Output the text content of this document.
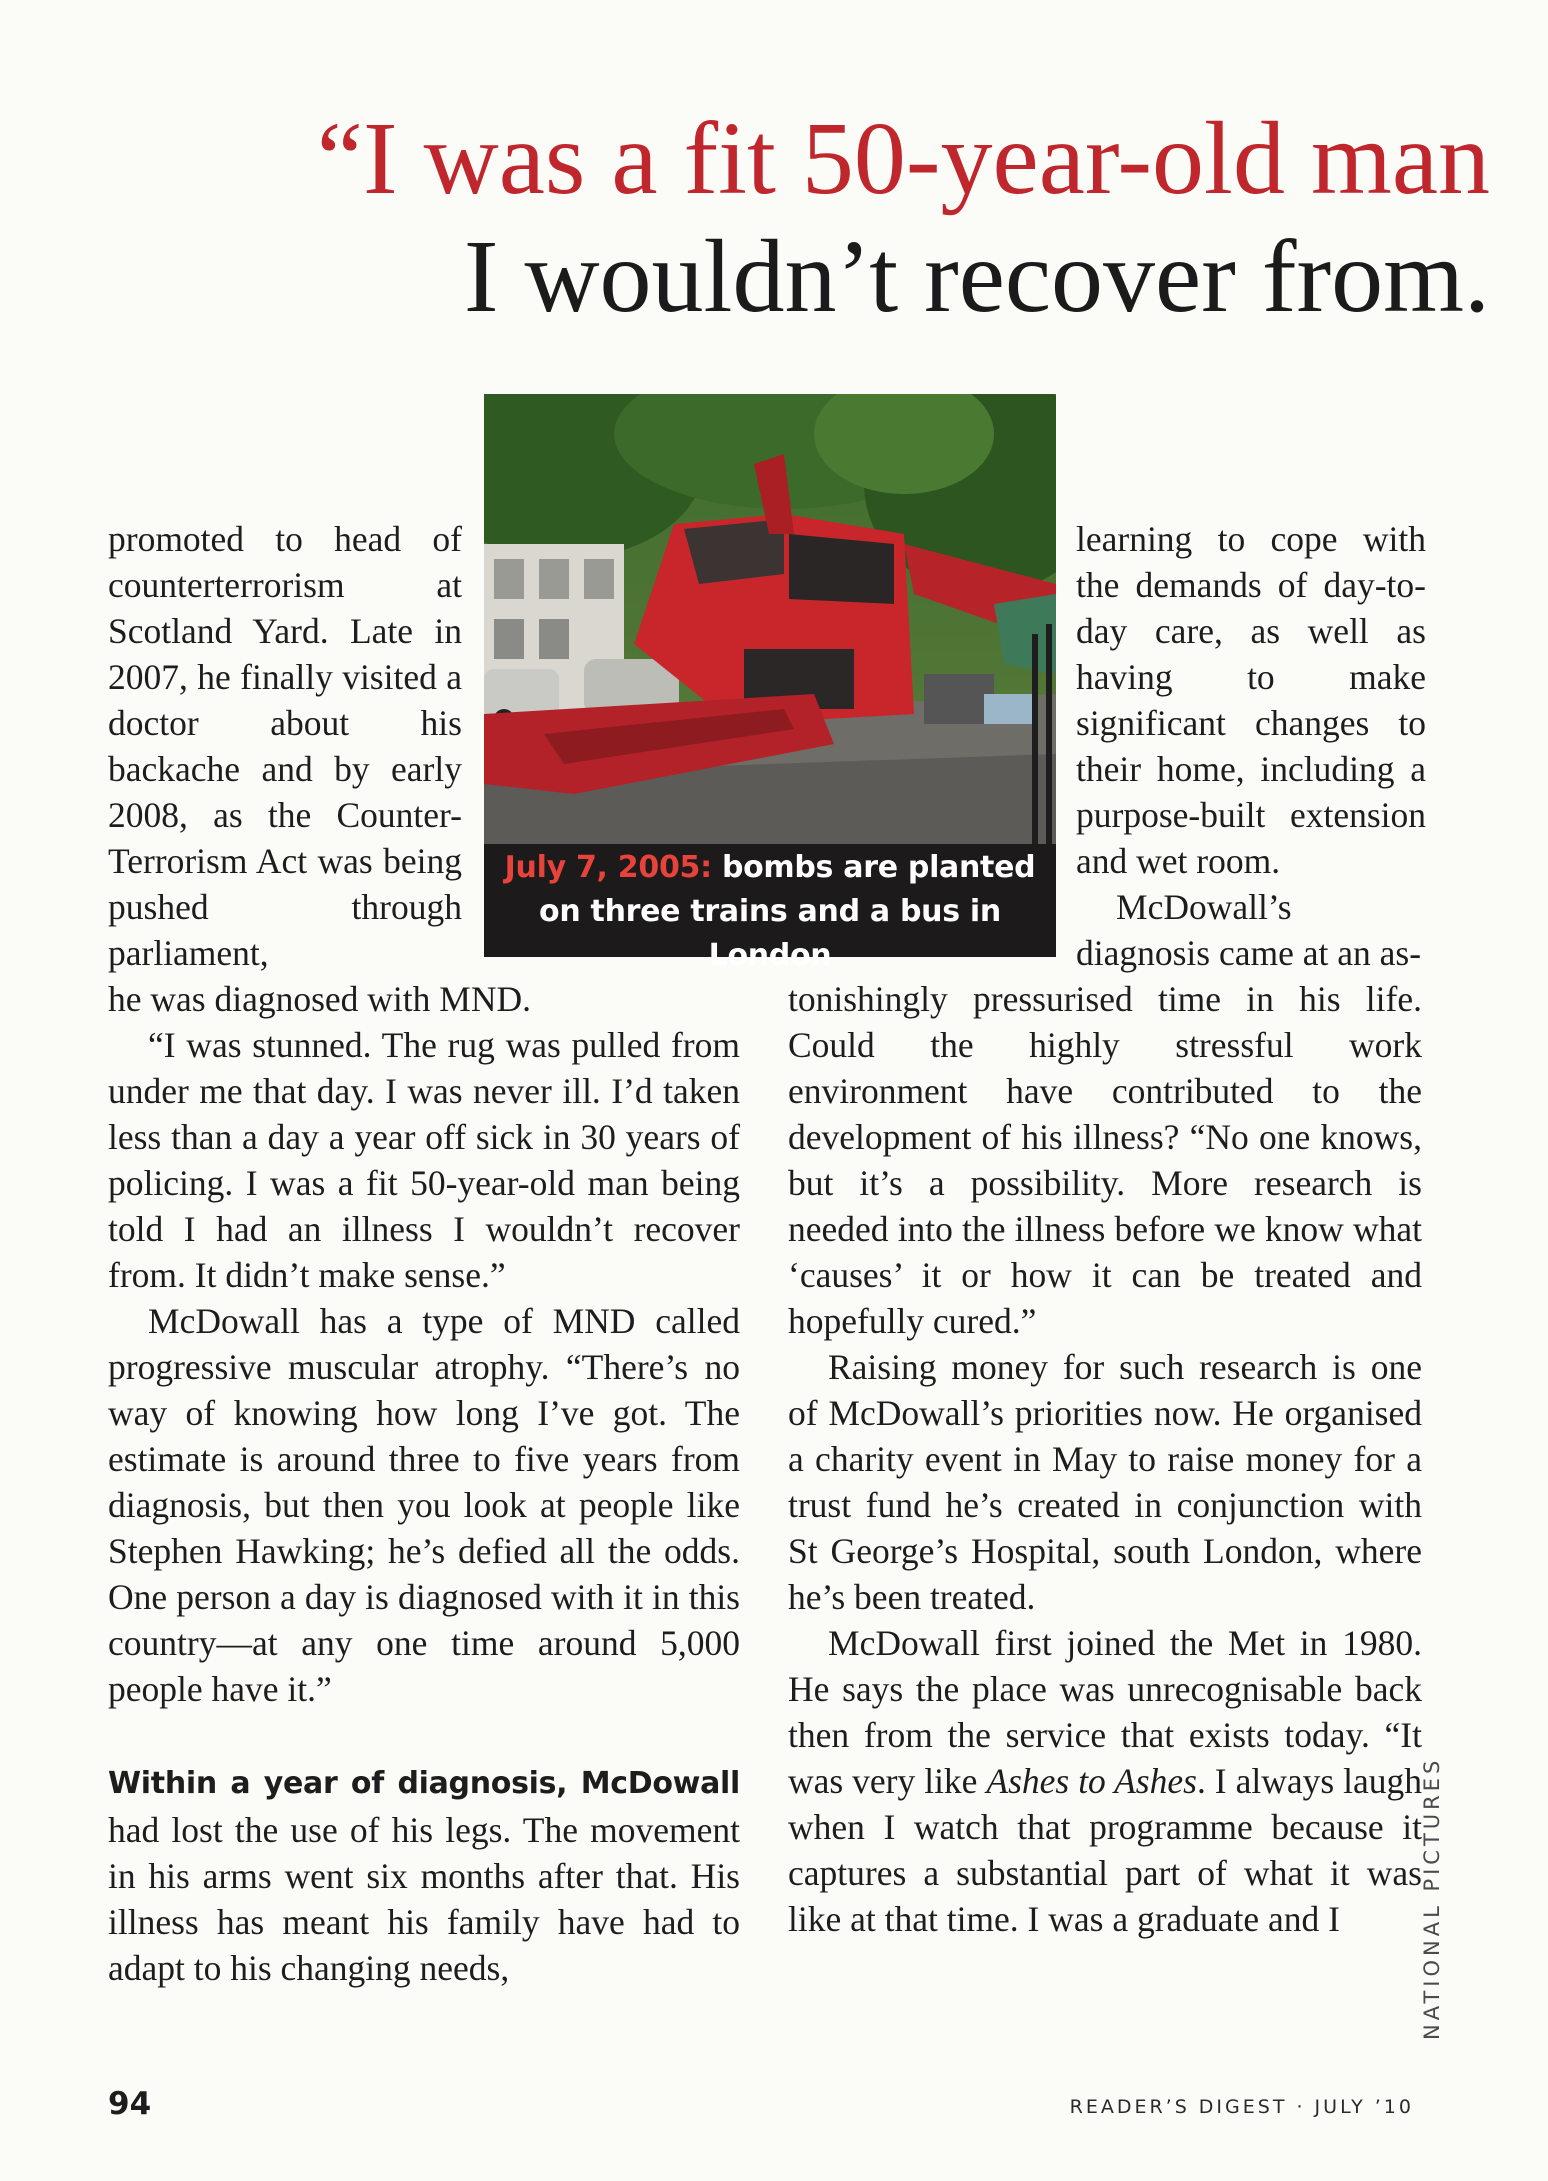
“I was a fit 50-year-old man
I wouldn’t recover from.
July 7, 2005: bombs are planted on three trains and a bus in London

promoted to head of counterterrorism at Scotland Yard. Late in 2007, he finally visited a doctor about his backache and by early 2008, as the Counter-Terrorism Act was being pushed through parliament,

he was diagnosed with MND.

“I was stunned. The rug was pulled from under me that day. I was never ill. I’d taken less than a day a year off sick in 30 years of policing. I was a fit 50-year-old man being told I had an illness I wouldn’t recover from. It didn’t make sense.”

McDowall has a type of MND called progressive muscular atrophy. “There’s no way of knowing how long I’ve got. The estimate is around three to five years from diagnosis, but then you look at people like Stephen Hawking; he’s defied all the odds. One person a day is diagnosed with it in this country—at any one time around 5,000 people have it.”

Within a year of diagnosis, McDowall had lost the use of his legs. The movement in his arms went six months after that. His illness has meant his family have had to adapt to his changing needs,

learning to cope with the demands of day-to-day care, as well as having to make significant changes to their home, including a purpose-built extension and wet room.

McDowall’s diagnosis came at an as-

tonishingly pressurised time in his life. Could the highly stressful work environment have contributed to the development of his illness? “No one knows, but it’s a possibility. More research is needed into the illness before we know what ‘causes’ it or how it can be treated and hopefully cured.”

Raising money for such research is one of McDowall’s priorities now. He organised a charity event in May to raise money for a trust fund he’s created in conjunction with St George’s Hospital, south London, where he’s been treated.

McDowall first joined the Met in 1980. He says the place was unrecognisable back then from the service that exists today. “It was very like Ashes to Ashes. I always laugh when I watch that programme because it captures a substantial part of what it was like at that time. I was a graduate and I	NATIONAL PICTURES
94	READER’S DIGEST · JULY ’10
